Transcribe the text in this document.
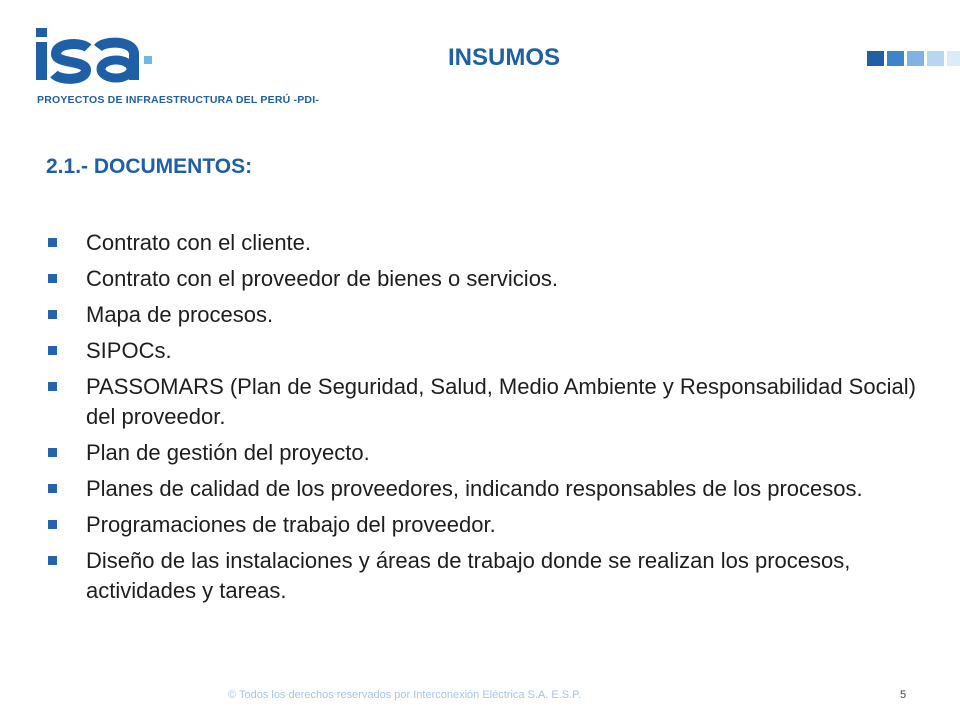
PROYECTOS DE INFRAESTRUCTURA DEL PERÚ -PDI-
INSUMOS
2.1.- DOCUMENTOS:
Contrato con el cliente.
Contrato con el proveedor de bienes o servicios.
Mapa de procesos.
SIPOCs.
PASSOMARS (Plan de Seguridad, Salud, Medio Ambiente y Responsabilidad Social) del proveedor.
Plan de gestión del proyecto.
Planes de calidad de los proveedores, indicando responsables de los procesos.
Programaciones de trabajo del proveedor.
Diseño de las instalaciones y áreas de trabajo donde se realizan los procesos, actividades y tareas.
© Todos los derechos reservados por Interconexión Eléctrica S.A. E.S.P.	5
